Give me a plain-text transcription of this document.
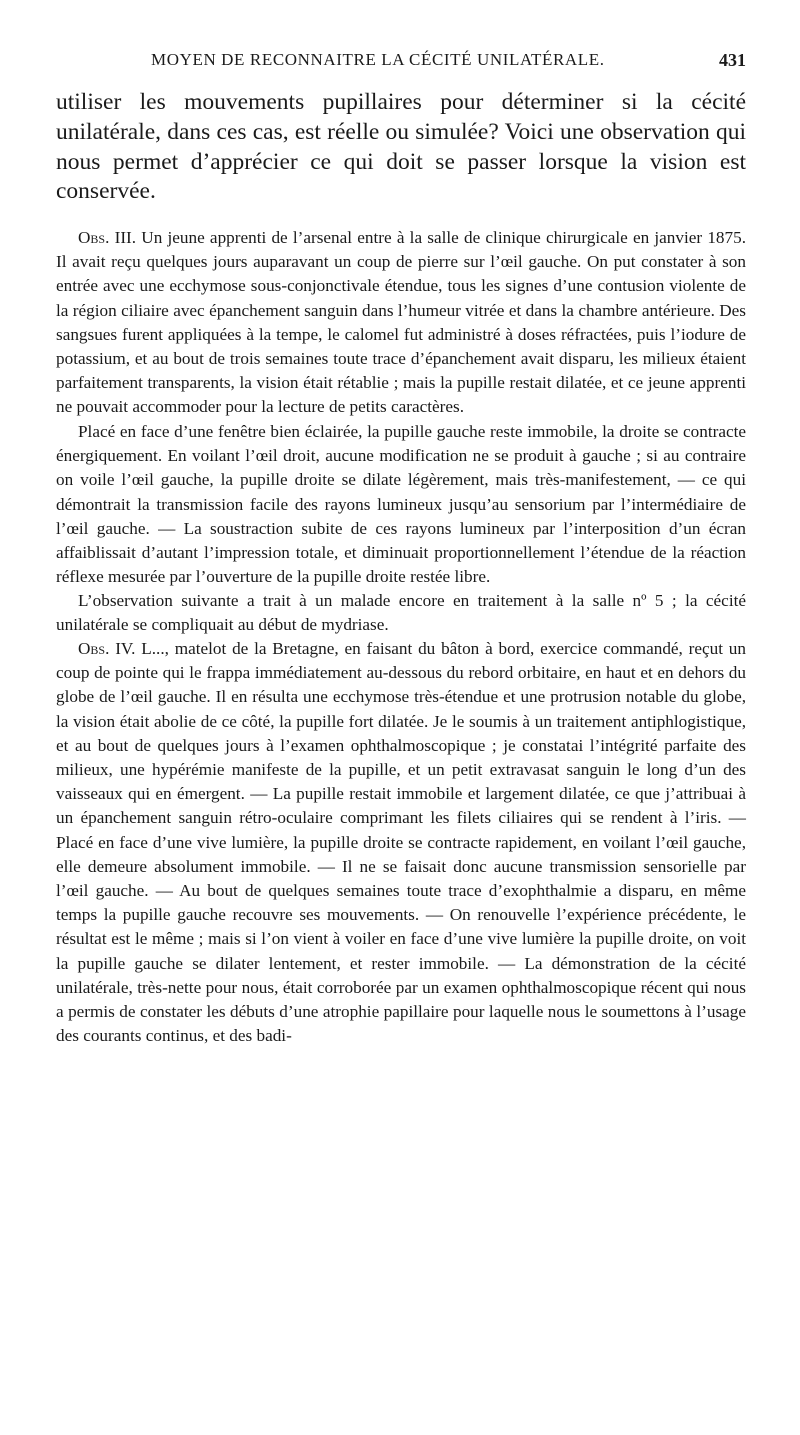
MOYEN DE RECONNAITRE LA CÉCITÉ UNILATÉRALE.	431

utiliser les mouvements pupillaires pour déterminer si la cécité unilatérale, dans ces cas, est réelle ou simulée? Voici une observation qui nous permet d’apprécier ce qui doit se passer lorsque la vision est conservée.

Obs. III. Un jeune apprenti de l’arsenal entre à la salle de clinique chirurgicale en janvier 1875. Il avait reçu quelques jours auparavant un coup de pierre sur l’œil gauche. On put constater à son entrée avec une ecchymose sous-conjonctivale étendue, tous les signes d’une contusion violente de la région ciliaire avec épanchement sanguin dans l’humeur vitrée et dans la chambre antérieure. Des sangsues furent appliquées à la tempe, le calomel fut administré à doses réfractées, puis l’iodure de potassium, et au bout de trois semaines toute trace d’épanchement avait disparu, les milieux étaient parfaitement transparents, la vision était rétablie ; mais la pupille restait dilatée, et ce jeune apprenti ne pouvait accommoder pour la lecture de petits caractères.

Placé en face d’une fenêtre bien éclairée, la pupille gauche reste immobile, la droite se contracte énergiquement. En voilant l’œil droit, aucune modification ne se produit à gauche ; si au contraire on voile l’œil gauche, la pupille droite se dilate légèrement, mais très-manifestement, — ce qui démontrait la transmission facile des rayons lumineux jusqu’au sensorium par l’intermédiaire de l’œil gauche. — La soustraction subite de ces rayons lumineux par l’interposition d’un écran affaiblissait d’autant l’impression totale, et diminuait proportionnellement l’étendue de la réaction réflexe mesurée par l’ouverture de la pupille droite restée libre.

L’observation suivante a trait à un malade encore en traitement à la salle nº 5 ; la cécité unilatérale se compliquait au début de mydriase.

Obs. IV. L..., matelot de la Bretagne, en faisant du bâton à bord, exercice commandé, reçut un coup de pointe qui le frappa immédiatement au-dessous du rebord orbitaire, en haut et en dehors du globe de l’œil gauche. Il en résulta une ecchymose très-étendue et une protrusion notable du globe, la vision était abolie de ce côté, la pupille fort dilatée. Je le soumis à un traitement antiphlogistique, et au bout de quelques jours à l’examen ophthalmoscopique ; je constatai l’intégrité parfaite des milieux, une hypérémie manifeste de la pupille, et un petit extravasat sanguin le long d’un des vaisseaux qui en émergent. — La pupille restait immobile et largement dilatée, ce que j’attribuai à un épanchement sanguin rétro-oculaire comprimant les filets ciliaires qui se rendent à l’iris. — Placé en face d’une vive lumière, la pupille droite se contracte rapidement, en voilant l’œil gauche, elle demeure absolument immobile. — Il ne se faisait donc aucune transmission sensorielle par l’œil gauche. — Au bout de quelques semaines toute trace d’exophthalmie a disparu, en même temps la pupille gauche recouvre ses mouvements. — On renouvelle l’expérience précédente, le résultat est le même ; mais si l’on vient à voiler en face d’une vive lumière la pupille droite, on voit la pupille gauche se dilater lentement, et rester immobile. — La démonstration de la cécité unilatérale, très-nette pour nous, était corroborée par un examen ophthalmoscopique récent qui nous a permis de constater les débuts d’une atrophie papillaire pour laquelle nous le soumettons à l’usage des courants continus, et des badi-
